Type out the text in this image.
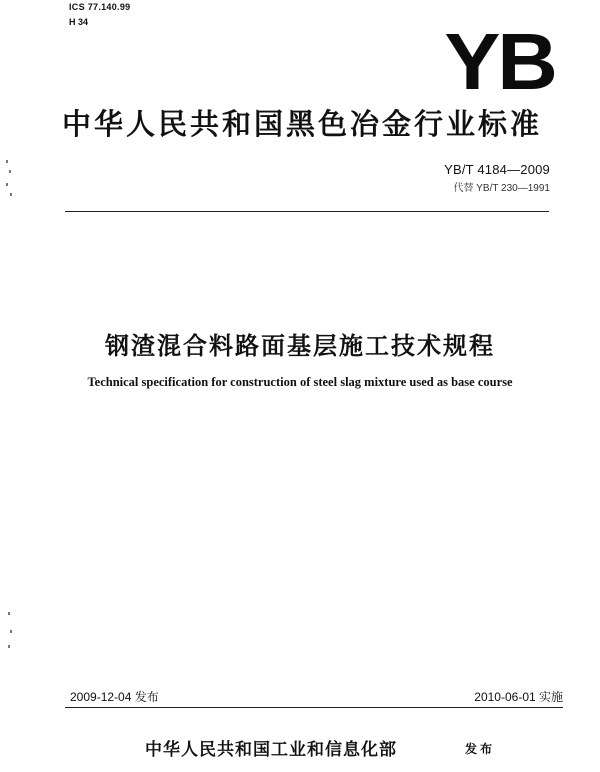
ICS 77.140.99
H 34	YB
中华人民共和国黑色冶金行业标准
YB/T 4184—2009
代替 YB/T 230—1991
钢渣混合料路面基层施工技术规程
Technical specification for construction of steel slag mixture used as base course
2009-12-04 发布	2010-06-01 实施
中华人民共和国工业和信息化部	发布
